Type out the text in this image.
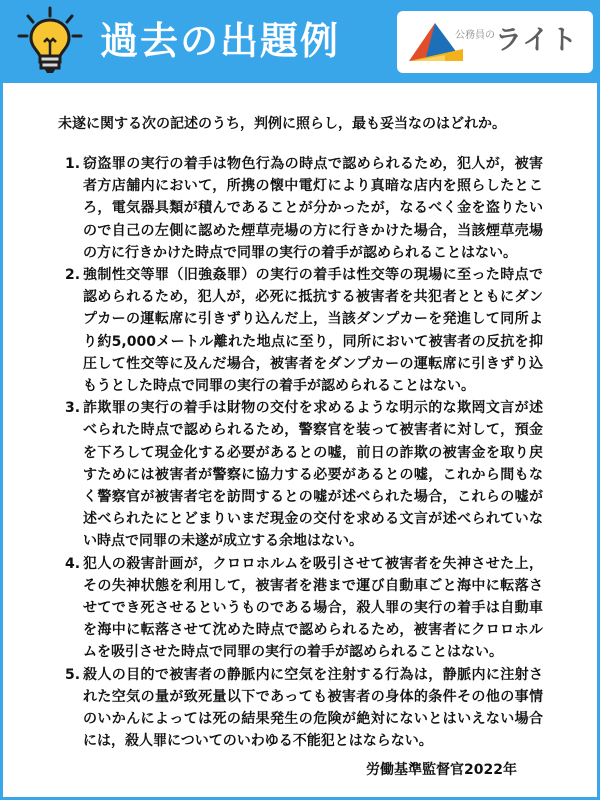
過去の出題例	公務員の ライト
未遂に関する次の記述のうち，判例に照らし，最も妥当なのはどれか。
1. 窃盗罪の実行の着手は物色行為の時点で認められるため，犯人が，被害者方店舗内において，所携の懐中電灯により真暗な店内を照らしたところ，電気器具類が積んであることが分かったが，なるべく金を盗りたいので自己の左側に認めた煙草売場の方に行きかけた場合，当該煙草売場の方に行きかけた時点で同罪の実行の着手が認められることはない。
2. 強制性交等罪（旧強姦罪）の実行の着手は性交等の現場に至った時点で認められるため，犯人が，必死に抵抗する被害者を共犯者とともにダンプカーの運転席に引きずり込んだ上，当該ダンプカーを発進して同所より約5,000メートル離れた地点に至り，同所において被害者の反抗を抑圧して性交等に及んだ場合，被害者をダンプカーの運転席に引きずり込もうとした時点で同罪の実行の着手が認められることはない。
3. 詐欺罪の実行の着手は財物の交付を求めるような明示的な欺罔文言が述べられた時点で認められるため，警察官を装って被害者に対して，預金を下ろして現金化する必要があるとの嘘，前日の詐欺の被害金を取り戻すためには被害者が警察に協力する必要があるとの嘘，これから間もなく警察官が被害者宅を訪問するとの嘘が述べられた場合，これらの嘘が述べられたにとどまりいまだ現金の交付を求める文言が述べられていない時点で同罪の未遂が成立する余地はない。
4. 犯人の殺害計画が，クロロホルムを吸引させて被害者を失神させた上，その失神状態を利用して，被害者を港まで運び自動車ごと海中に転落させてでき死させるというものである場合，殺人罪の実行の着手は自動車を海中に転落させて沈めた時点で認められるため，被害者にクロロホルムを吸引させた時点で同罪の実行の着手が認められることはない。
5. 殺人の目的で被害者の静脈内に空気を注射する行為は，静脈内に注射された空気の量が致死量以下であっても被害者の身体的条件その他の事情のいかんによっては死の結果発生の危険が絶対にないとはいえない場合には，殺人罪についてのいわゆる不能犯とはならない。
労働基準監督官2022年
